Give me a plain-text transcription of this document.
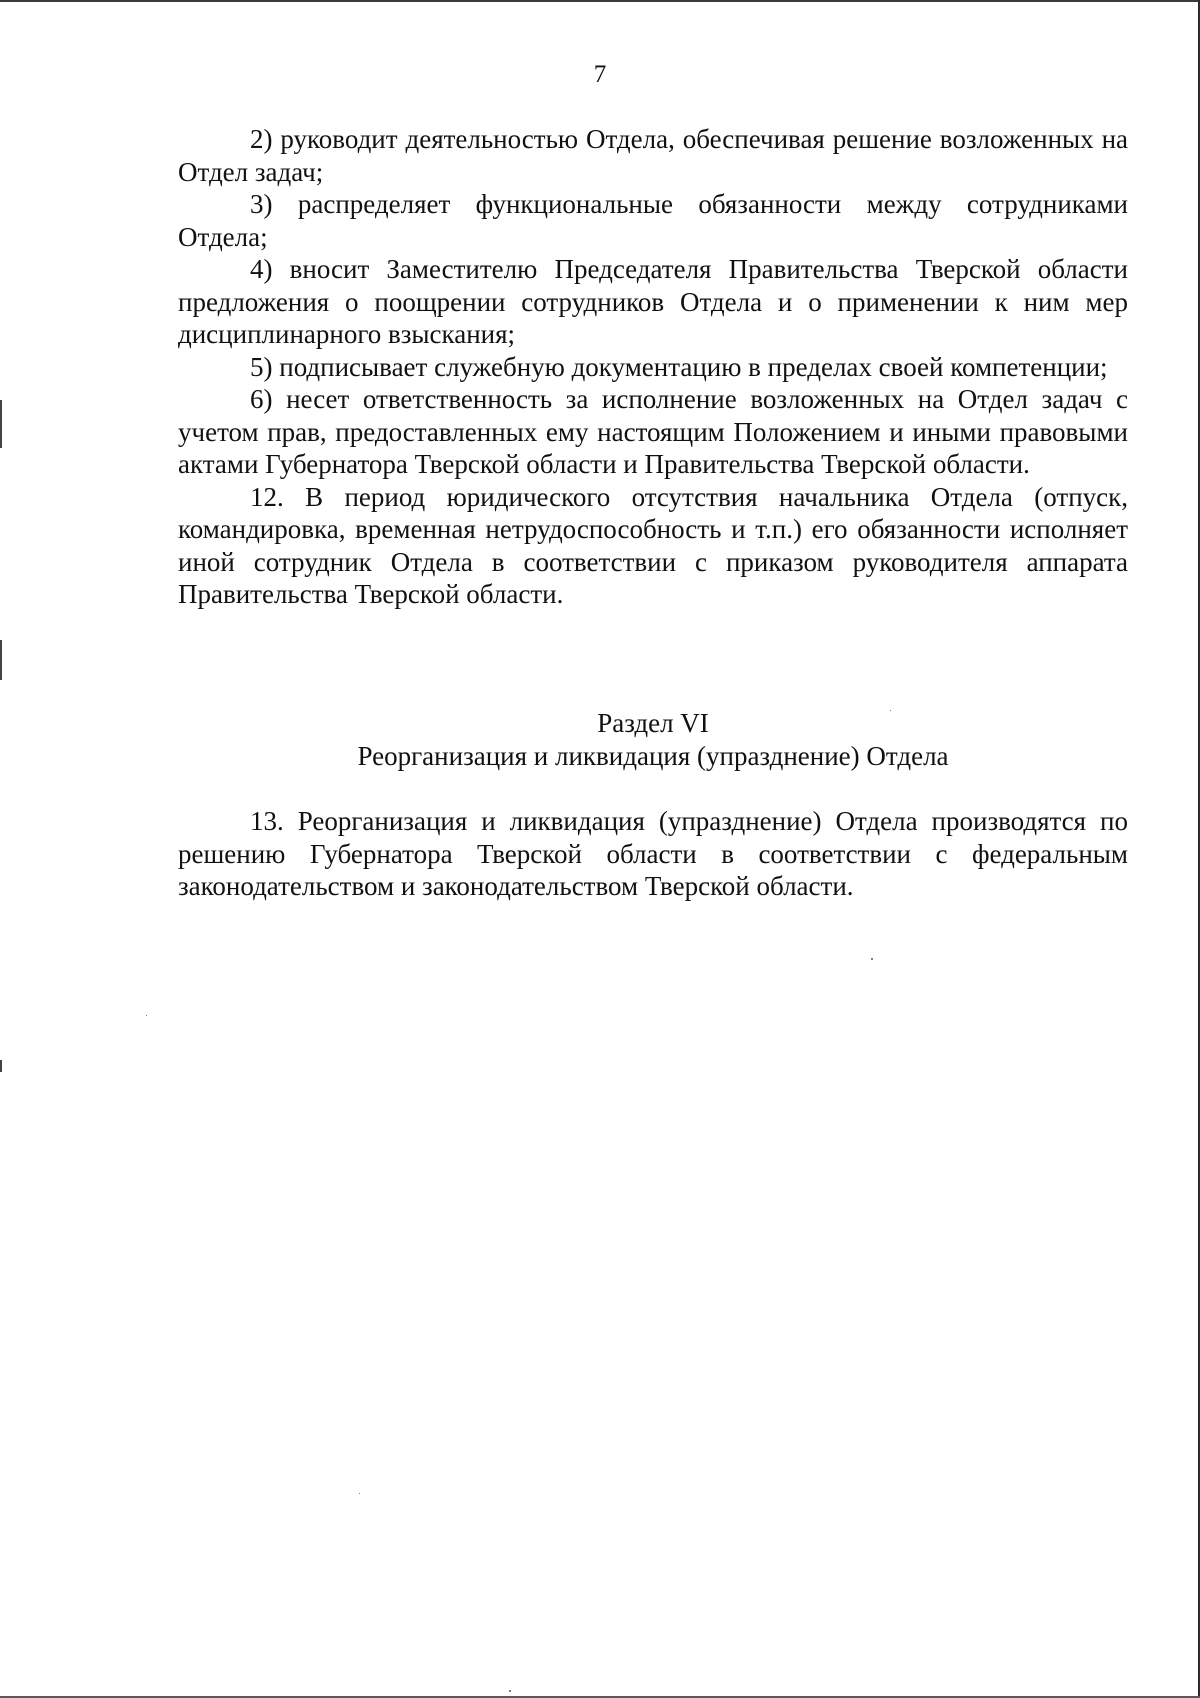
7

2) руководит деятельностью Отдела, обеспечивая решение возложенных на Отдел задач;

3) распределяет функциональные обязанности между сотрудниками Отдела;

4) вносит Заместителю Председателя Правительства Тверской области предложения о поощрении сотрудников Отдела и о применении к ним мер дисциплинарного взыскания;

5) подписывает служебную документацию в пределах своей компетенции;

6) несет ответственность за исполнение возложенных на Отдел задач с учетом прав, предоставленных ему настоящим Положением и иными правовыми актами Губернатора Тверской области и Правительства Тверской области.

12. В период юридического отсутствия начальника Отдела (отпуск, командировка, временная нетрудоспособность и т.п.) его обязанности исполняет иной сотрудник Отдела в соответствии с приказом руководителя аппарата Правительства Тверской области.

Раздел VI
Реорганизация и ликвидация (упразднение) Отдела

13. Реорганизация и ликвидация (упразднение) Отдела производятся по решению Губернатора Тверской области в соответствии с федеральным законодательством и законодательством Тверской области.
